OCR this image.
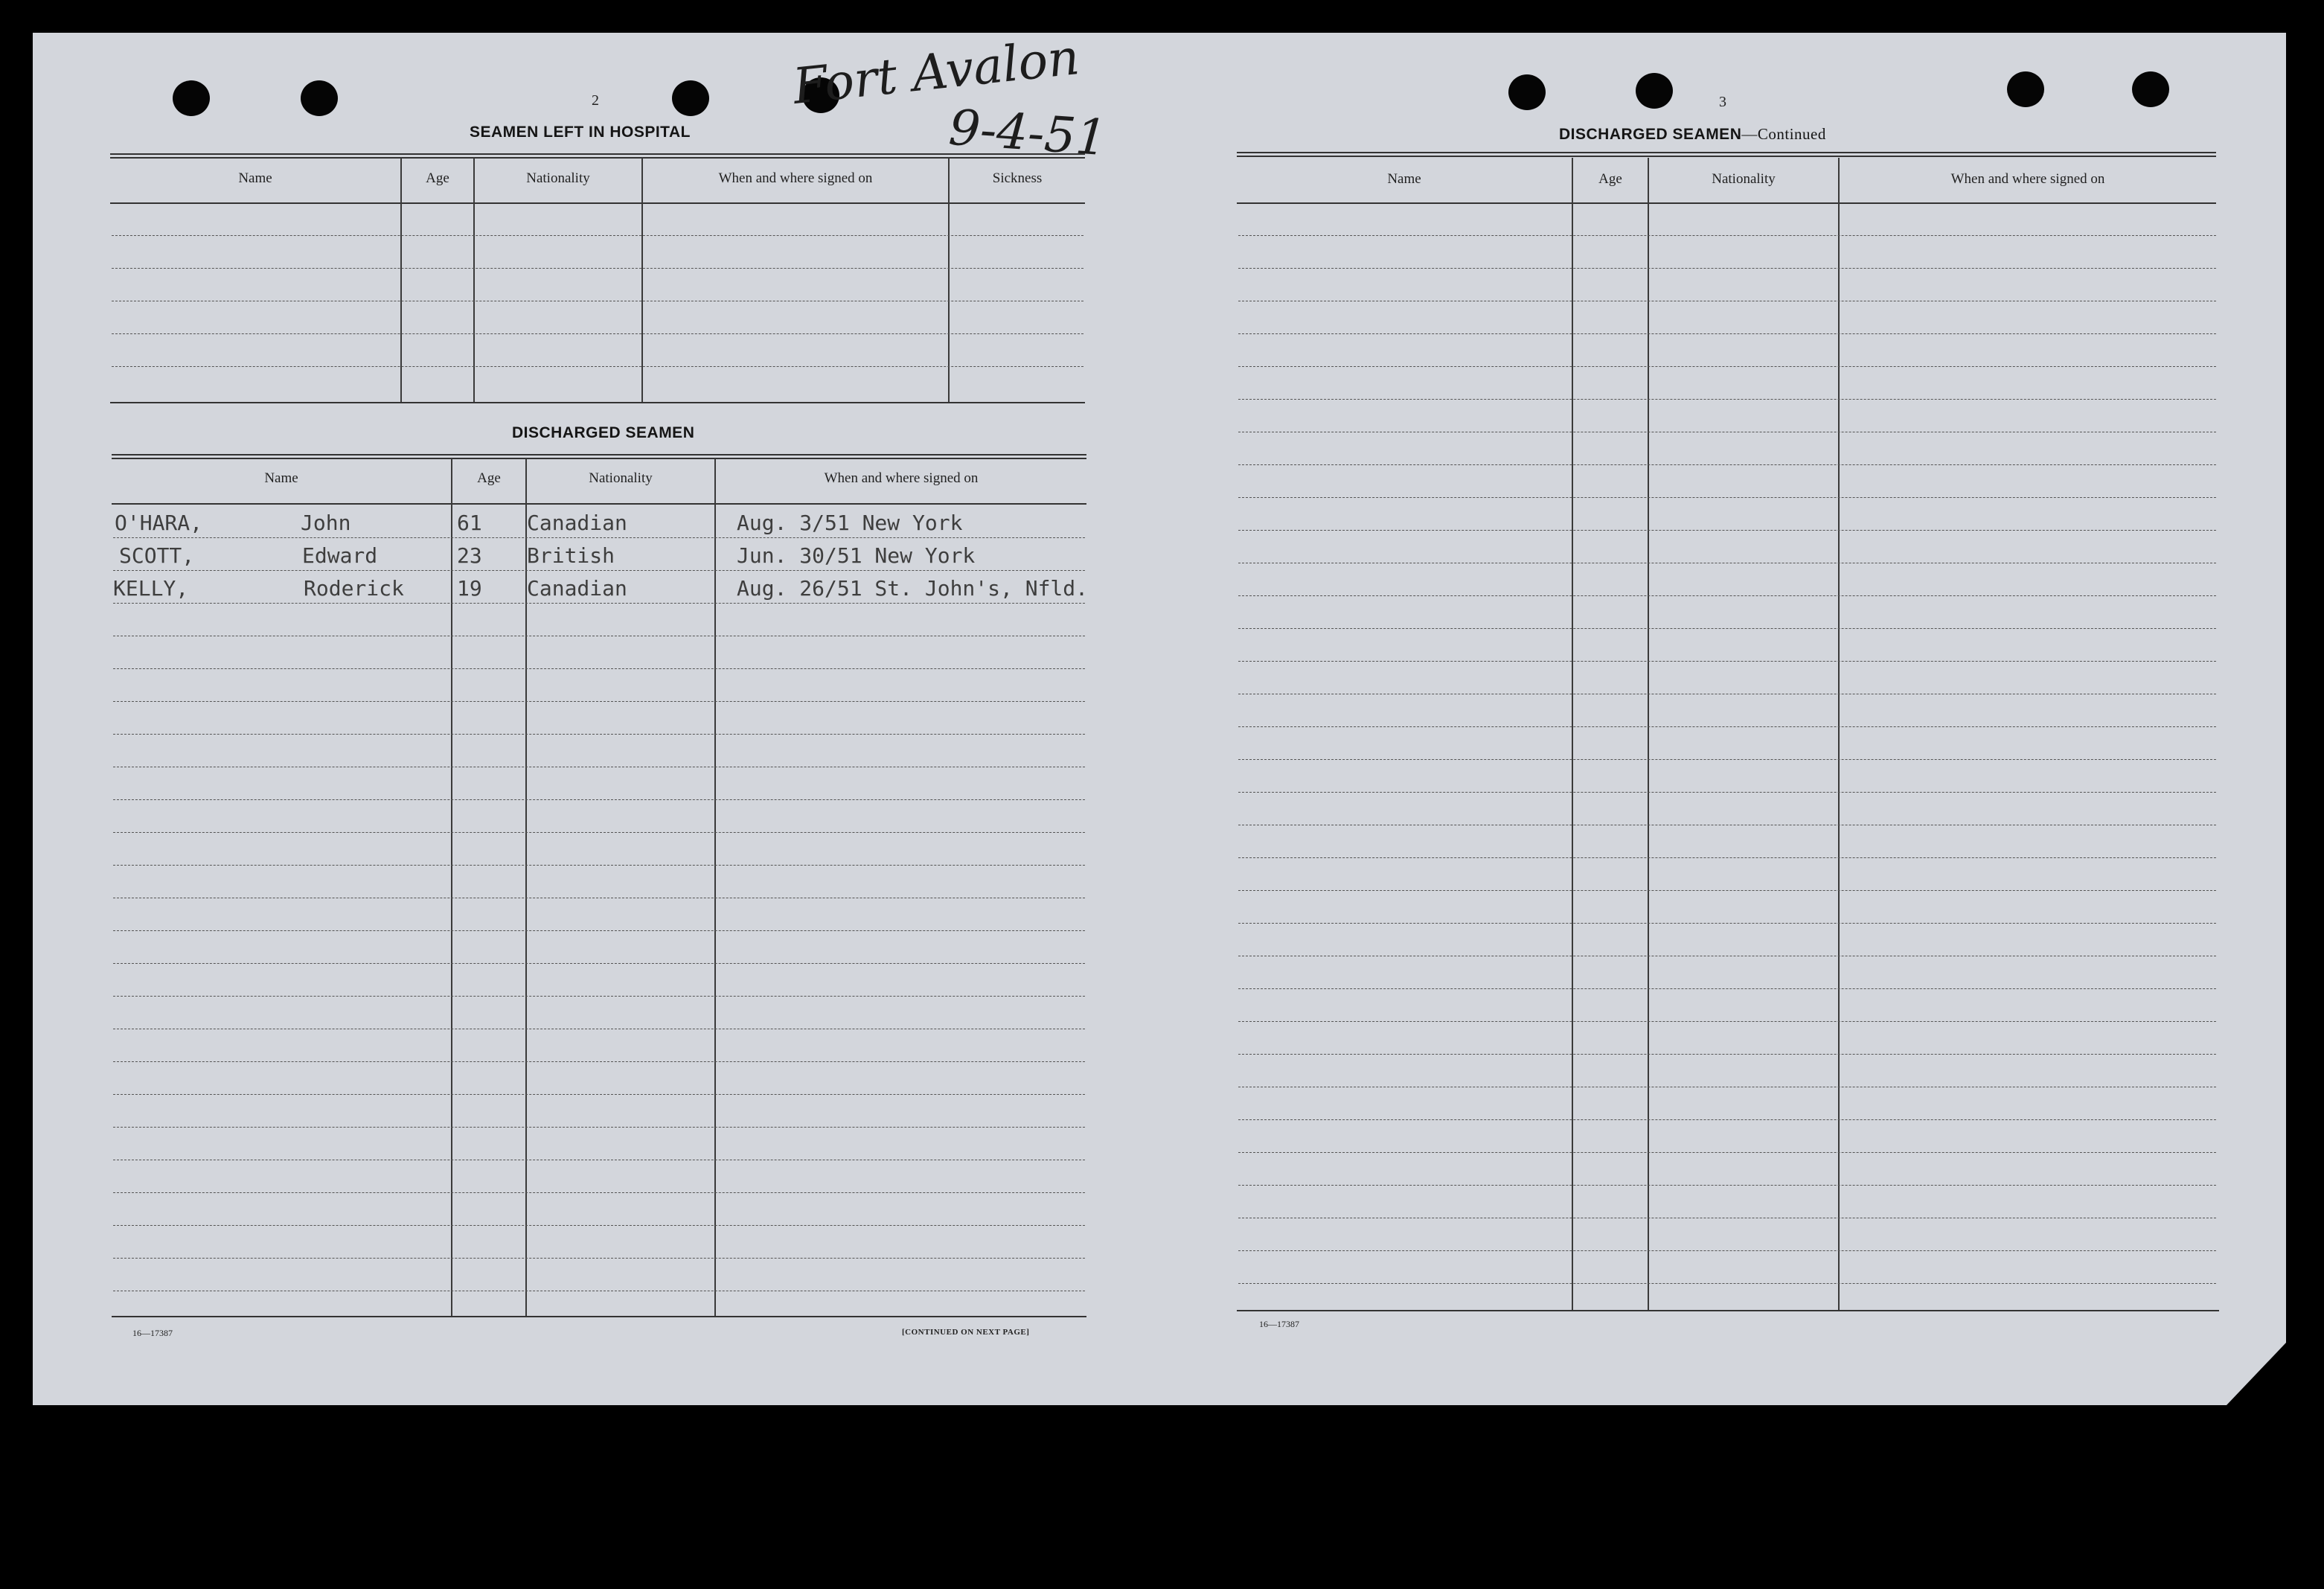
Fort Avalon
9-4-51
2
SEAMEN LEFT IN HOSPITAL
Name	Age	Nationality	When and where signed on	Sickness
DISCHARGED SEAMEN
Name	Age	Nationality	When and where signed on
O'HARA,	John	61 Canadian	Aug. 3/51 New York
SCOTT,	Edward	23 British	Jun. 30/51 New York
KELLY,	Roderick	19 Canadian	Aug. 26/51 St. John's, Nfld.
16—17387	[CONTINUED ON NEXT PAGE]
3
DISCHARGED SEAMEN—Continued
Name	Age	Nationality	When and where signed on
16—17387
